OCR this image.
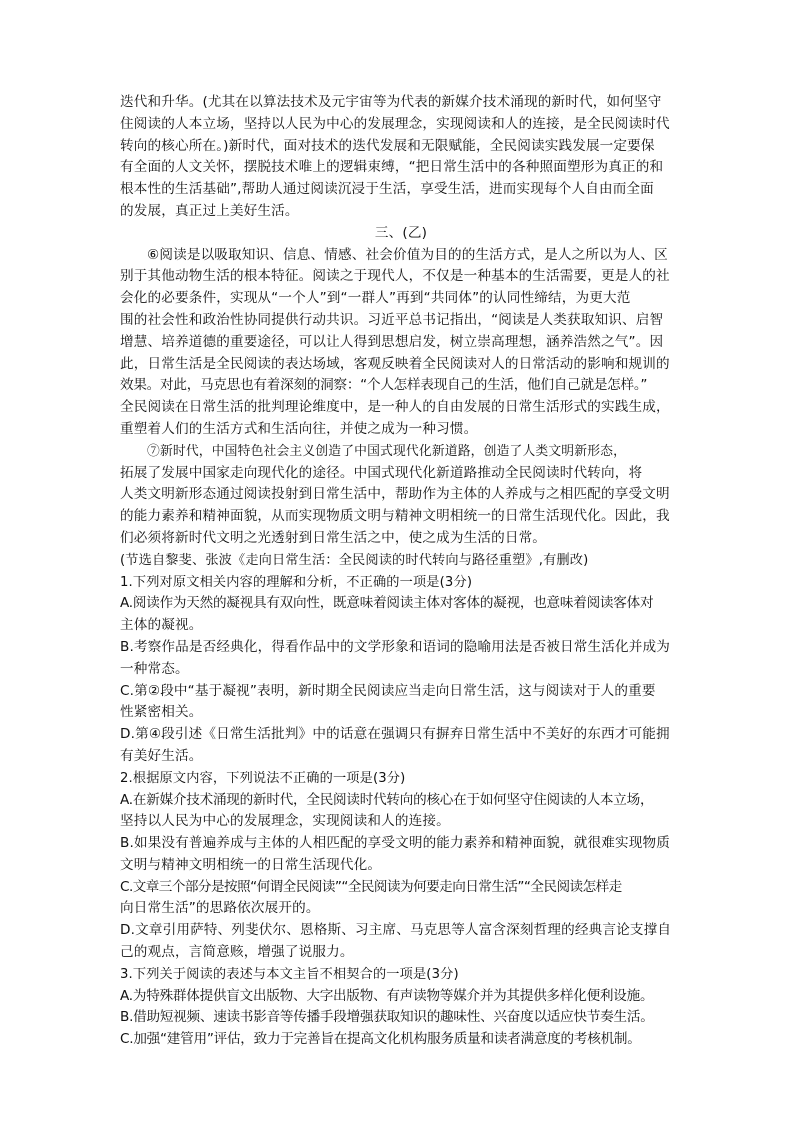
迭代和升华。(尤其在以算法技术及元宇宙等为代表的新媒介技术涌现的新时代，如何坚守
住阅读的人本立场，坚持以人民为中心的发展理念，实现阅读和人的连接，是全民阅读时代
转向的核心所在。)新时代，面对技术的迭代发展和无限赋能，全民阅读实践发展一定要保
有全面的人文关怀，摆脱技术唯上的逻辑束缚，“把日常生活中的各种照面塑形为真正的和
根本性的生活基础”,帮助人通过阅读沉浸于生活，享受生活，进而实现每个人自由而全面
的发展，真正过上美好生活。
三、(乙)
⑥阅读是以吸取知识、信息、情感、社会价值为目的的生活方式，是人之所以为人、区
别于其他动物生活的根本特征。阅读之于现代人，不仅是一种基本的生活需要，更是人的社
会化的必要条件，实现从“一个人”到“一群人”再到“共同体”的认同性缔结，为更大范
围的社会性和政治性协同提供行动共识。习近平总书记指出，“阅读是人类获取知识、启智
增慧、培养道德的重要途径，可以让人得到思想启发，树立崇高理想，涵养浩然之气”。因
此，日常生活是全民阅读的表达场域，客观反映着全民阅读对人的日常活动的影响和规训的
效果。对此，马克思也有着深刻的洞察：“个人怎样表现自己的生活，他们自己就是怎样。”
全民阅读在日常生活的批判理论维度中，是一种人的自由发展的日常生活形式的实践生成，
重塑着人们的生活方式和生活向往，并使之成为一种习惯。
⑦新时代，中国特色社会主义创造了中国式现代化新道路，创造了人类文明新形态，
拓展了发展中国家走向现代化的途径。中国式现代化新道路推动全民阅读时代转向，将
人类文明新形态通过阅读投射到日常生活中，帮助作为主体的人养成与之相匹配的享受文明
的能力素养和精神面貌，从而实现物质文明与精神文明相统一的日常生活现代化。因此，我
们必须将新时代文明之光透射到日常生活之中，使之成为生活的日常。
(节选自黎斐、张波《走向日常生活：全民阅读的时代转向与路径重塑》,有删改)
1.下列对原文相关内容的理解和分析，不正确的一项是(3分)
A.阅读作为天然的凝视具有双向性，既意味着阅读主体对客体的凝视，也意味着阅读客体对
主体的凝视。
B.考察作品是否经典化，得看作品中的文学形象和语词的隐喻用法是否被日常生活化并成为
一种常态。
C.第②段中“基于凝视”表明，新时期全民阅读应当走向日常生活，这与阅读对于人的重要
性紧密相关。
D.第④段引述《日常生活批判》中的话意在强调只有摒弃日常生活中不美好的东西才可能拥
有美好生活。
2.根据原文内容，下列说法不正确的一项是(3分)
A.在新媒介技术涌现的新时代，全民阅读时代转向的核心在于如何坚守住阅读的人本立场，
坚持以人民为中心的发展理念，实现阅读和人的连接。
B.如果没有普遍养成与主体的人相匹配的享受文明的能力素养和精神面貌，就很难实现物质
文明与精神文明相统一的日常生活现代化。
C.文章三个部分是按照“何谓全民阅读”“全民阅读为何要走向日常生活”“全民阅读怎样走
向日常生活”的思路依次展开的。
D.文章引用萨特、列斐伏尔、恩格斯、习主席、马克思等人富含深刻哲理的经典言论支撑自
己的观点，言简意赅，增强了说服力。
3.下列关于阅读的表述与本文主旨不相契合的一项是(3分)
A.为特殊群体提供盲文出版物、大字出版物、有声读物等媒介并为其提供多样化便利设施。
B.借助短视频、速读书影音等传播手段增强获取知识的趣味性、兴奋度以适应快节奏生活。
C.加强“建管用”评估，致力于完善旨在提高文化机构服务质量和读者满意度的考核机制。
